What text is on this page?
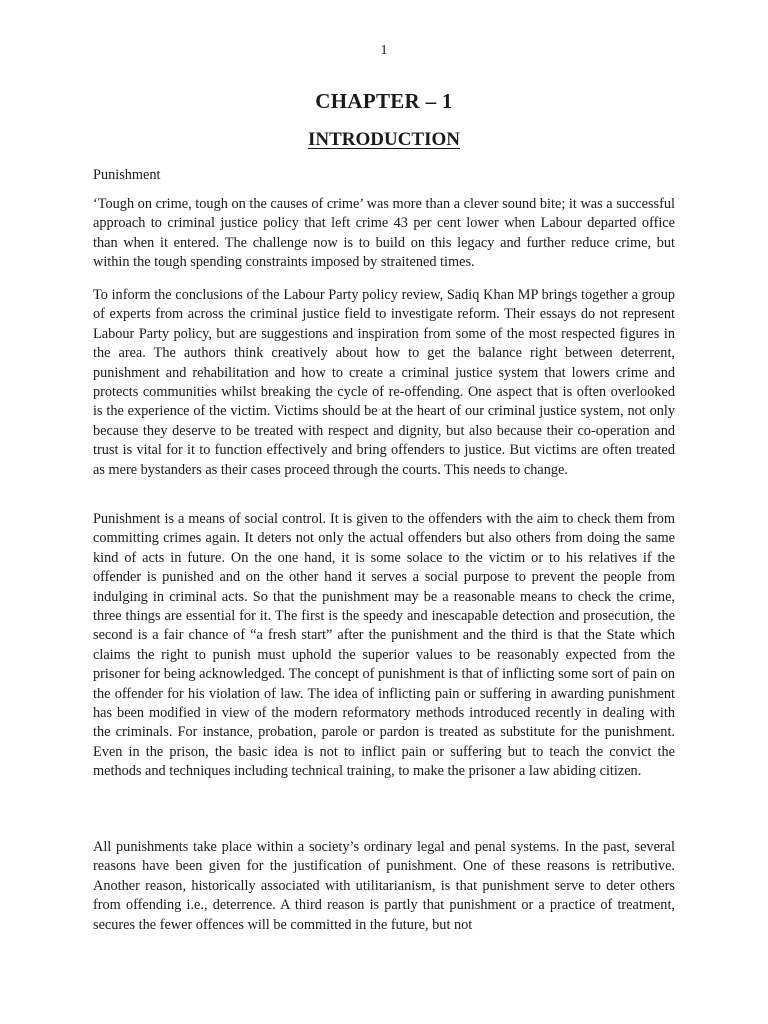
1
CHAPTER – 1
INTRODUCTION
Punishment

‘Tough on crime, tough on the causes of crime’ was more than a clever sound bite; it was a successful approach to criminal justice policy that left crime 43 per cent lower when Labour departed office than when it entered. The challenge now is to build on this legacy and further reduce crime, but within the tough spending constraints imposed by straitened times.

To inform the conclusions of the Labour Party policy review, Sadiq Khan MP brings together a group of experts from across the criminal justice field to investigate reform. Their essays do not represent Labour Party policy, but are suggestions and inspiration from some of the most respected figures in the area. The authors think creatively about how to get the balance right between deterrent, punishment and rehabilitation and how to create a criminal justice system that lowers crime and protects communities whilst breaking the cycle of re-offending. One aspect that is often overlooked is the experience of the victim. Victims should be at the heart of our criminal justice system, not only because they deserve to be treated with respect and dignity, but also because their co-operation and trust is vital for it to function effectively and bring offenders to justice. But victims are often treated as mere bystanders as their cases proceed through the courts. This needs to change.

Punishment is a means of social control. It is given to the offenders with the aim to check them from committing crimes again. It deters not only the actual offenders but also others from doing the same kind of acts in future. On the one hand, it is some solace to the victim or to his relatives if the offender is punished and on the other hand it serves a social purpose to prevent the people from indulging in criminal acts. So that the punishment may be a reasonable means to check the crime, three things are essential for it. The first is the speedy and inescapable detection and prosecution, the second is a fair chance of “a fresh start” after the punishment and the third is that the State which claims the right to punish must uphold the superior values to be reasonably expected from the prisoner for being acknowledged. The concept of punishment is that of inflicting some sort of pain on the offender for his violation of law. The idea of inflicting pain or suffering in awarding punishment has been modified in view of the modern reformatory methods introduced recently in dealing with the criminals. For instance, probation, parole or pardon is treated as substitute for the punishment. Even in the prison, the basic idea is not to inflict pain or suffering but to teach the convict the methods and techniques including technical training, to make the prisoner a law abiding citizen.

All punishments take place within a society’s ordinary legal and penal systems. In the past, several reasons have been given for the justification of punishment. One of these reasons is retributive. Another reason, historically associated with utilitarianism, is that punishment serve to deter others from offending i.e., deterrence. A third reason is partly that punishment or a practice of treatment, secures the fewer offences will be committed in the future, but not
